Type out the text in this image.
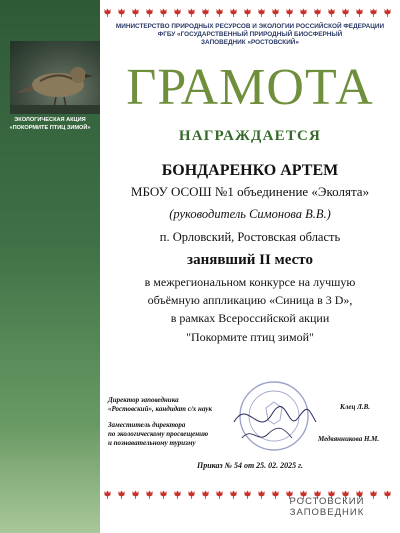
ЭКОЛОГИЧЕСКАЯ АКЦИЯ
«ПОКОРМИТЕ ПТИЦ ЗИМОЙ»
МИНИСТЕРСТВО ПРИРОДНЫХ РЕСУРСОВ И ЭКОЛОГИИ РОССИЙСКОЙ ФЕДЕРАЦИИ
ФГБУ «ГОСУДАРСТВЕННЫЙ ПРИРОДНЫЙ БИОСФЕРНЫЙ
ЗАПОВЕДНИК «РОСТОВСКИЙ»
ГРАМОТА
НАГРАЖДАЕТСЯ
БОНДАРЕНКО АРТЕМ
МБОУ ОСОШ №1 объединение «Эколята»
(руководитель Симонова В.В.)
п. Орловский, Ростовская область
занявший II место
в межрегиональном конкурсе на лучшую
объёмную аппликацию «Синица в 3 D»,
в рамках Всероссийской акции
"Покормите птиц зимой"
Директор заповедника
«Ростовский», кандидат с/х наук
Заместитель директора
по экологическому просвещению
и познавательному туризму
Клец Л.В.
Медвянникова Н.М.
Приказ № 54 от 25. 02. 2025 г.
РОСТОВСКИЙ
ЗАПОВЕДНИК
